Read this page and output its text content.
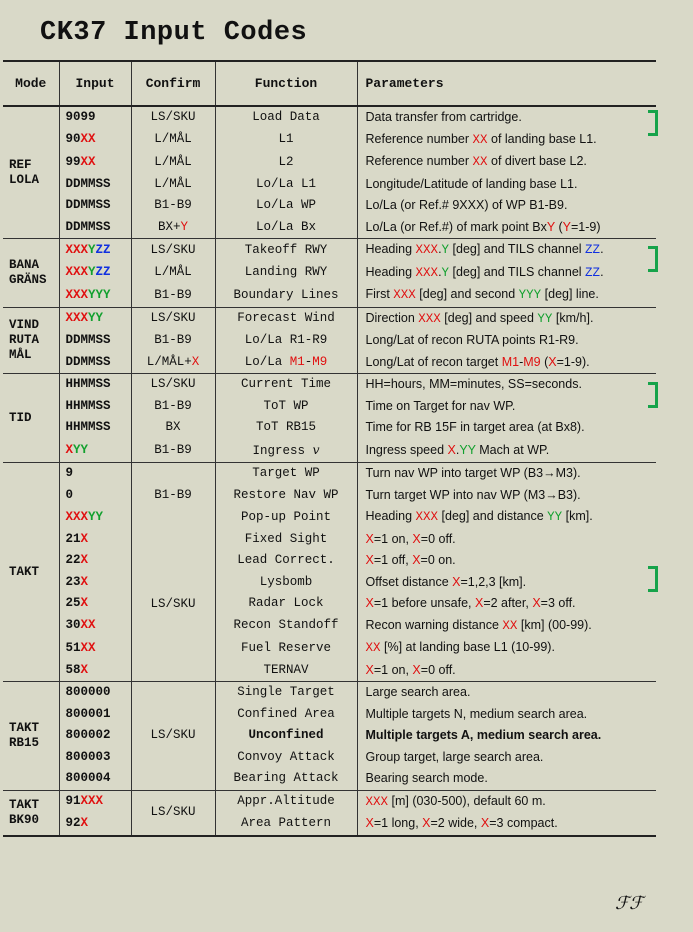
CK37 Input Codes
Mode	Input	Confirm	Function	Parameters

REF
LOLA	9099	LS/SKU	Load Data	Data transfer from cartridge.
	90XX	L/MÅL	L1	Reference number XX of landing base L1.
	99XX	L/MÅL	L2	Reference number XX of divert base L2.
	DDMMSS	L/MÅL	Lo/La L1	Longitude/Latitude of landing base L1.
	DDMMSS	B1-B9	Lo/La WP	Lo/La (or Ref.# 9XXX) of WP B1-B9.
	DDMMSS	BX+Y	Lo/La Bx	Lo/La (or Ref.#) of mark point BxY (Y=1-9)

BANA
GRÄNS	XXXYZZ	LS/SKU	Takeoff RWY	Heading XXX.Y [deg] and TILS channel ZZ.
	XXXYZZ	L/MÅL	Landing RWY	Heading XXX.Y [deg] and TILS channel ZZ.
	XXXYYY	B1-B9	Boundary Lines	First XXX [deg] and second YYY [deg] line.

VIND
RUTA
MÅL	XXXYY	LS/SKU	Forecast Wind	Direction XXX [deg] and speed YY [km/h].
	DDMMSS	B1-B9	Lo/La R1-R9	Long/Lat of recon RUTA points R1-R9.
	DDMMSS	L/MÅL+X	Lo/La M1-M9	Long/Lat of recon target M1-M9 (X=1-9).

TID	HHMMSS	LS/SKU	Current Time	HH=hours, MM=minutes, SS=seconds.
	HHMMSS	B1-B9	ToT WP	Time on Target for nav WP.
	HHMMSS	BX	ToT RB15	Time for RB 15F in target area (at Bx8).
	XYY	B1-B9	Ingress v	Ingress speed X.YY Mach at WP.

TAKT	9	B1-B9	Target WP	Turn nav WP into target WP (B3→M3).
	0		Restore Nav WP	Turn target WP into nav WP (M3→B3).
	XXXYY		Pop-up Point	Heading XXX [deg] and distance YY [km].
	21X	LS/SKU	Fixed Sight	X=1 on, X=0 off.
	22X		Lead Correct.	X=1 off, X=0 on.
	23X		Lysbomb	Offset distance X=1,2,3 [km].
	25X		Radar Lock	X=1 before unsafe, X=2 after, X=3 off.
	30XX		Recon Standoff	Recon warning distance XX [km] (00-99).
	51XX		Fuel Reserve	XX [%] at landing base L1 (10-99).
	58X		TERNAV	X=1 on, X=0 off.

TAKT
RB15	800000	LS/SKU	Single Target	Large search area.
	800001		Confined Area	Multiple targets N, medium search area.
	800002		Unconfined	Multiple targets A, medium search area.
	800003		Convoy Attack	Group target, large search area.
	800004		Bearing Attack	Bearing search mode.

TAKT
BK90	91XXX	LS/SKU	Appr.Altitude	XXX [m] (030-500), default 60 m.
	92X		Area Pattern	X=1 long, X=2 wide, X=3 compact.
ℱℱ
